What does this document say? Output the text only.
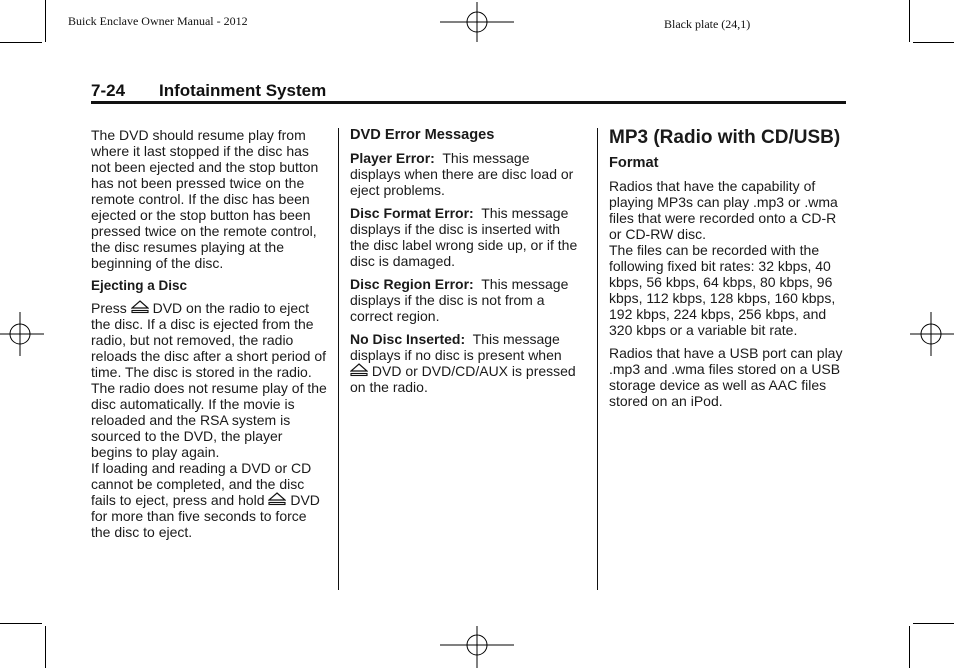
Buick Enclave Owner Manual - 2012	Black plate (24,1)
7-24 Infotainment System

The DVD should resume play from where it last stopped if the disc has not been ejected and the stop button has not been pressed twice on the remote control. If the disc has been ejected or the stop button has been pressed twice on the remote control, the disc resumes playing at the beginning of the disc.

Ejecting a Disc

Press DVD on the radio to eject the disc. If a disc is ejected from the radio, but not removed, the radio reloads the disc after a short period of time. The disc is stored in the radio. The radio does not resume play of the disc automatically. If the movie is reloaded and the RSA system is sourced to the DVD, the player begins to play again.

If loading and reading a DVD or CD cannot be completed, and the disc fails to eject, press and hold DVD for more than five seconds to force the disc to eject.

DVD Error Messages

Player Error: This message displays when there are disc load or eject problems.

Disc Format Error: This message displays if the disc is inserted with the disc label wrong side up, or if the disc is damaged.

Disc Region Error: This message displays if the disc is not from a correct region.

No Disc Inserted: This message displays if no disc is present when
DVD or DVD/CD/AUX is pressed on the radio.

MP3 (Radio with CD/USB)
Format

Radios that have the capability of playing MP3s can play .mp3 or .wma files that were recorded onto a CD-R or CD-RW disc.

The files can be recorded with the following fixed bit rates: 32 kbps, 40 kbps, 56 kbps, 64 kbps, 80 kbps, 96 kbps, 112 kbps, 128 kbps, 160 kbps, 192 kbps, 224 kbps, 256 kbps, and 320 kbps or a variable bit rate.

Radios that have a USB port can play .mp3 and .wma files stored on a USB storage device as well as AAC files stored on an iPod.
